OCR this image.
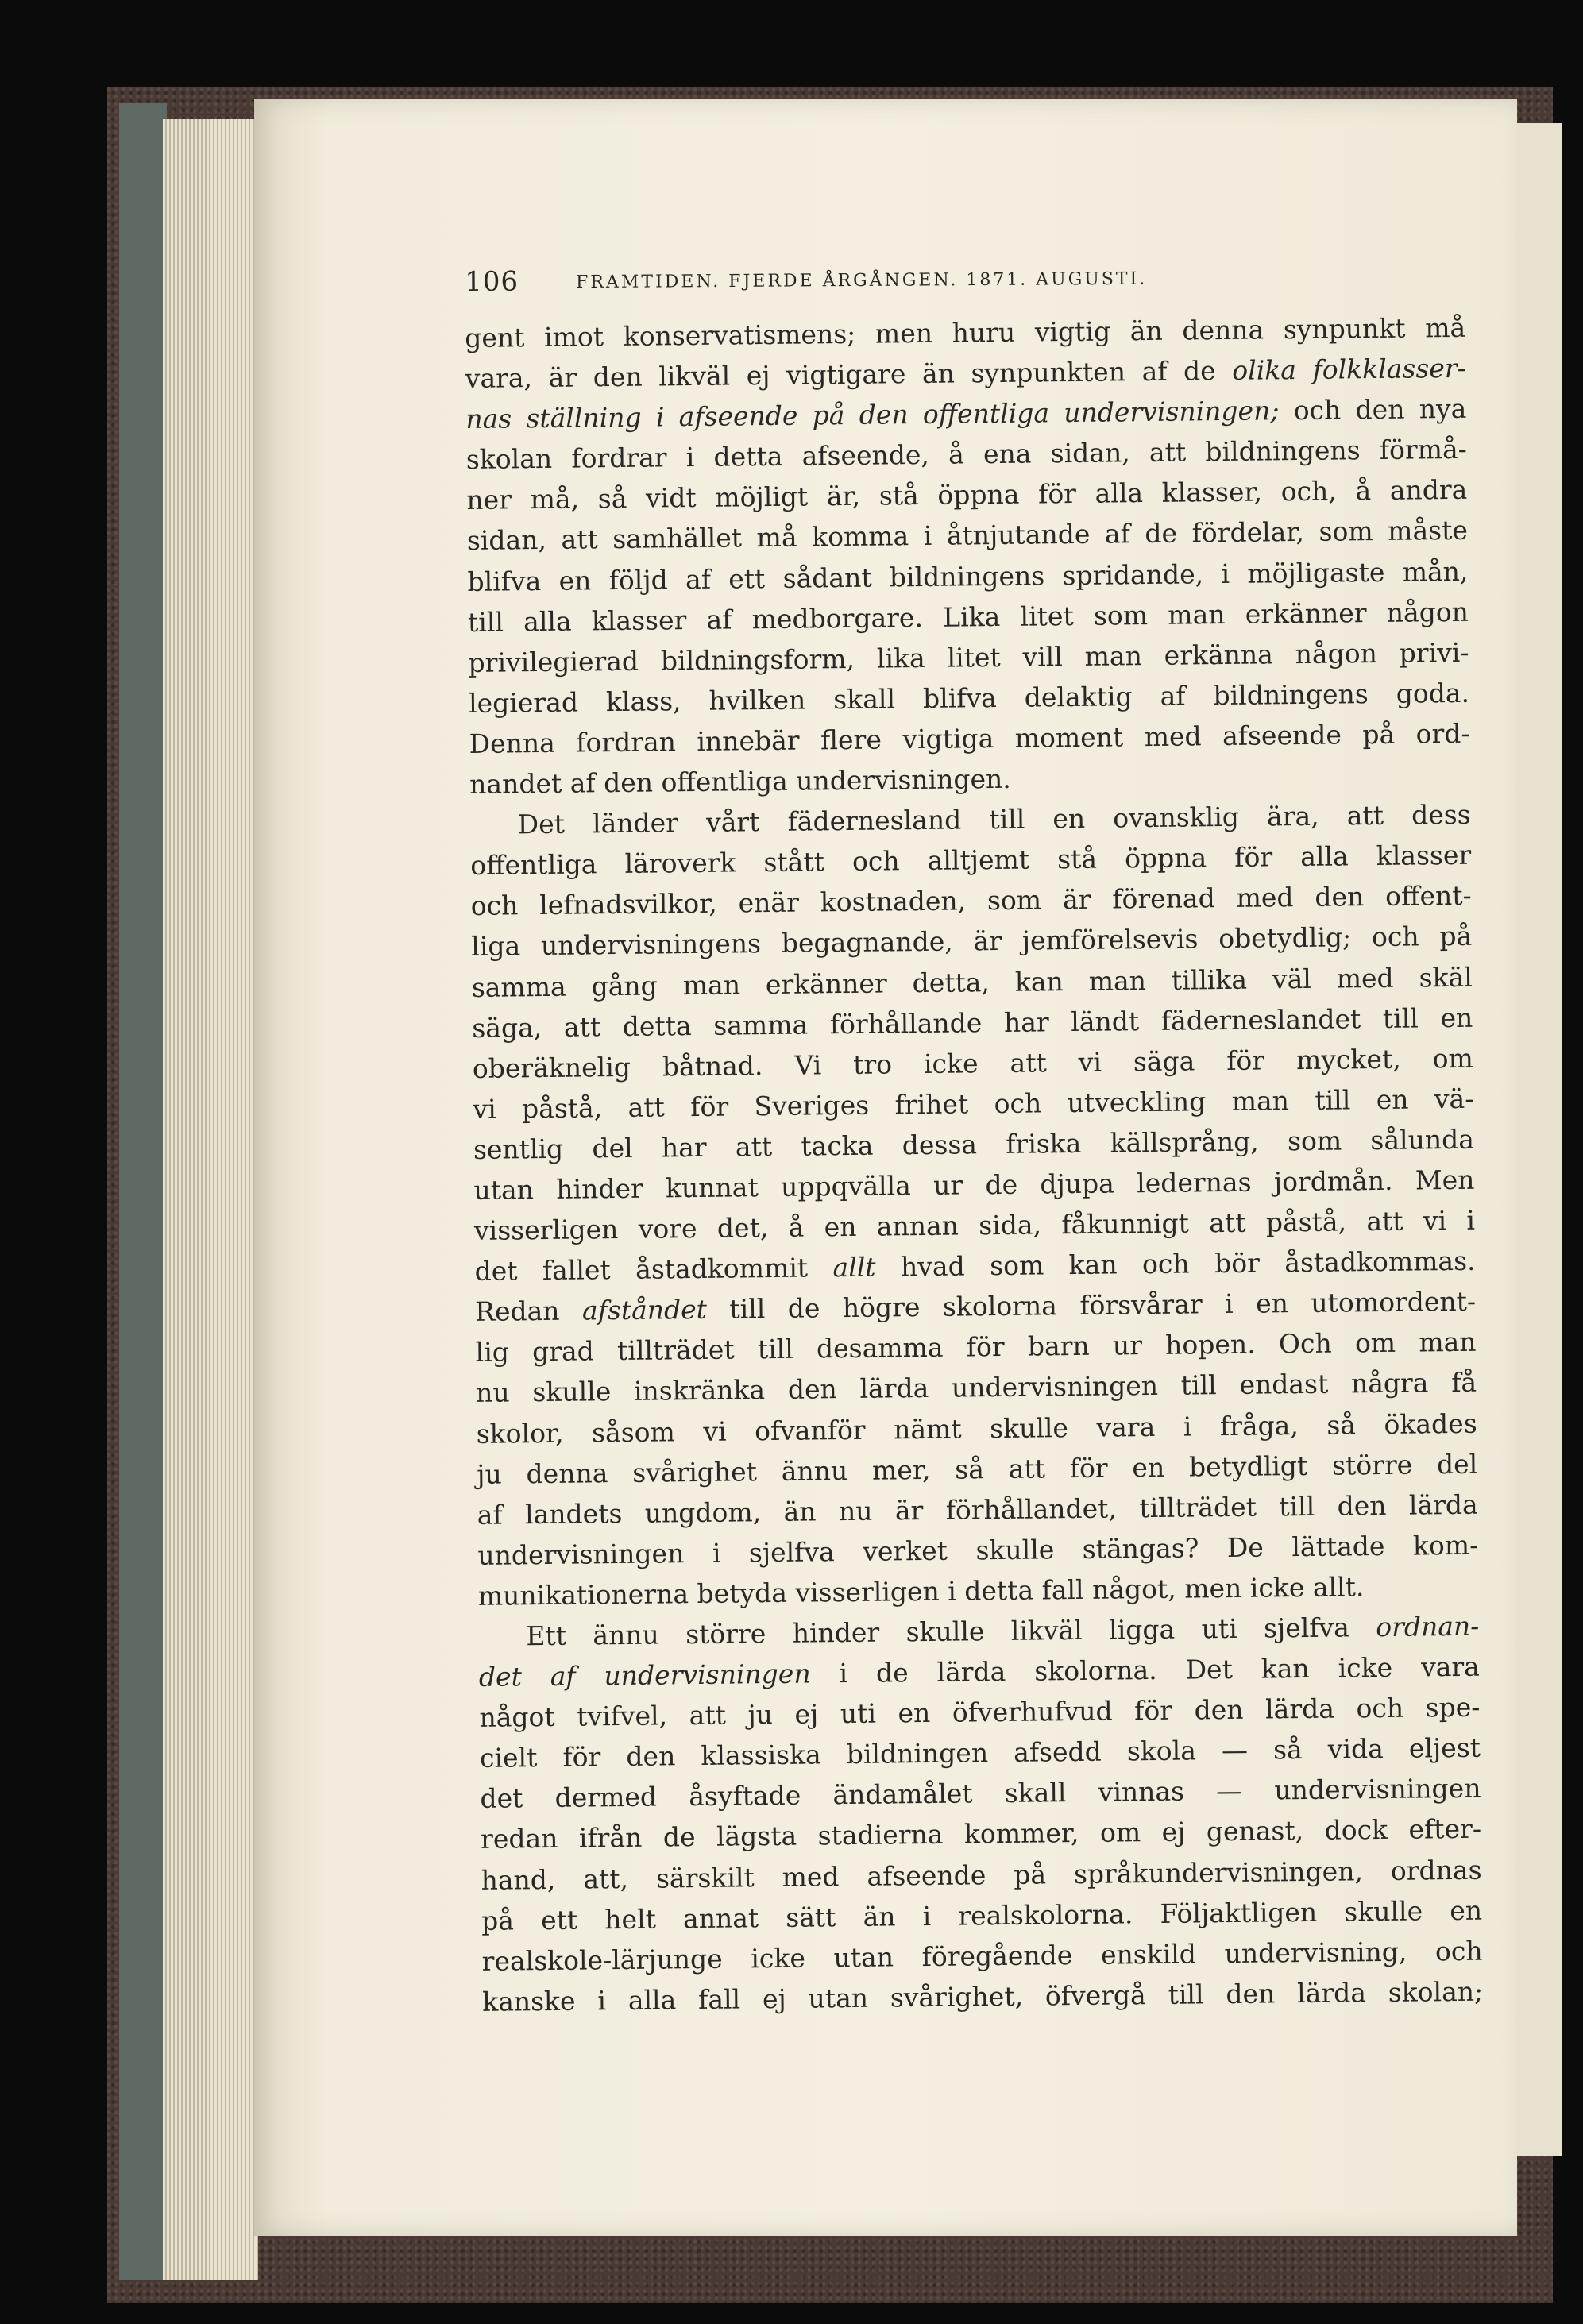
106	FRAMTIDEN. FJERDE ÅRGÅNGEN. 1871. AUGUSTI.
gent imot konservatismens; men huru vigtig än denna synpunkt må
vara, är den likväl ej vigtigare än synpunkten af de olika folkklasser-
nas ställning i afseende på den offentliga undervisningen; och den nya
skolan fordrar i detta afseende, å ena sidan, att bildningens förmå-
ner må, så vidt möjligt är, stå öppna för alla klasser, och, å andra
sidan, att samhället må komma i åtnjutande af de fördelar, som måste
blifva en följd af ett sådant bildningens spridande, i möjligaste mån,
till alla klasser af medborgare. Lika litet som man erkänner någon
privilegierad bildningsform, lika litet vill man erkänna någon privi-
legierad klass, hvilken skall blifva delaktig af bildningens goda.
Denna fordran innebär flere vigtiga moment med afseende på ord-
nandet af den offentliga undervisningen.
Det länder vårt fädernesland till en ovansklig ära, att dess
offentliga läroverk stått och alltjemt stå öppna för alla klasser
och lefnadsvilkor, enär kostnaden, som är förenad med den offent-
liga undervisningens begagnande, är jemförelsevis obetydlig; och på
samma gång man erkänner detta, kan man tillika väl med skäl
säga, att detta samma förhållande har ländt fäderneslandet till en
oberäknelig båtnad. Vi tro icke att vi säga för mycket, om
vi påstå, att för Sveriges frihet och utveckling man till en vä-
sentlig del har att tacka dessa friska källsprång, som sålunda
utan hinder kunnat uppqvälla ur de djupa ledernas jordmån. Men
visserligen vore det, å en annan sida, fåkunnigt att påstå, att vi i
det fallet åstadkommit allt hvad som kan och bör åstadkommas.
Redan afståndet till de högre skolorna försvårar i en utomordent-
lig grad tillträdet till desamma för barn ur hopen. Och om man
nu skulle inskränka den lärda undervisningen till endast några få
skolor, såsom vi ofvanför nämt skulle vara i fråga, så ökades
ju denna svårighet ännu mer, så att för en betydligt större del
af landets ungdom, än nu är förhållandet, tillträdet till den lärda
undervisningen i sjelfva verket skulle stängas? De lättade kom-
munikationerna betyda visserligen i detta fall något, men icke allt.
Ett ännu större hinder skulle likväl ligga uti sjelfva ordnan-
det af undervisningen i de lärda skolorna. Det kan icke vara
något tvifvel, att ju ej uti en öfverhufvud för den lärda och spe-
cielt för den klassiska bildningen afsedd skola — så vida eljest
det dermed åsyftade ändamålet skall vinnas — undervisningen
redan ifrån de lägsta stadierna kommer, om ej genast, dock efter-
hand, att, särskilt med afseende på språkundervisningen, ordnas
på ett helt annat sätt än i realskolorna. Följaktligen skulle en
realskole-lärjunge icke utan föregående enskild undervisning, och
kanske i alla fall ej utan svårighet, öfvergå till den lärda skolan;
